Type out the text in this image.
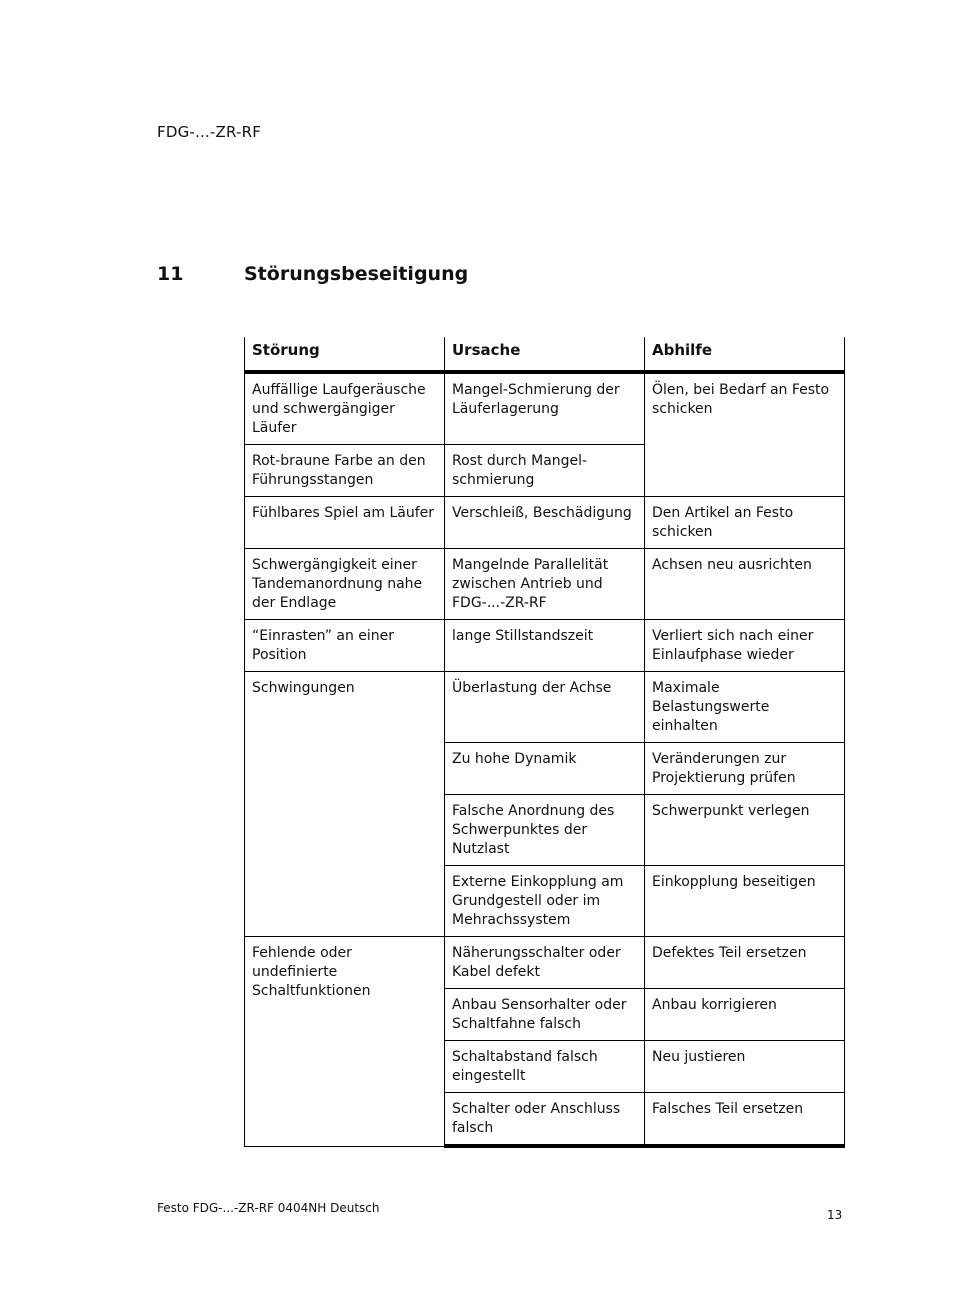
FDG-...-ZR-RF
11	Störungsbeseitigung
Störung	Ursache	Abhilfe
Auffällige Laufgeräusche und schwergängiger Läufer	Mangel-Schmierung der Läuferlagerung	Ölen, bei Bedarf an Festo schicken
Rot-braune Farbe an den Führungsstangen	Rost durch Mangel-schmierung	
Fühlbares Spiel am Läufer	Verschleiß, Beschädigung	Den Artikel an Festo schicken
Schwergängigkeit einer Tandemanordnung nahe der Endlage	Mangelnde Parallelität zwischen Antrieb und FDG-...-ZR-RF	Achsen neu ausrichten
“Einrasten” an einer Position	lange Stillstandszeit	Verliert sich nach einer Einlaufphase wieder
Schwingungen	Überlastung der Achse	Maximale Belastungswerte einhalten
	Zu hohe Dynamik	Veränderungen zur Projektierung prüfen
	Falsche Anordnung des Schwerpunktes der Nutzlast	Schwerpunkt verlegen
	Externe Einkopplung am Grundgestell oder im Mehrachssystem	Einkopplung beseitigen
Fehlende oder undefinierte Schaltfunktionen	Näherungsschalter oder Kabel defekt	Defektes Teil ersetzen
	Anbau Sensorhalter oder Schaltfahne falsch	Anbau korrigieren
	Schaltabstand falsch eingestellt	Neu justieren
	Schalter oder Anschluss falsch	Falsches Teil ersetzen
Festo FDG-...-ZR-RF 0404NH Deutsch	13
